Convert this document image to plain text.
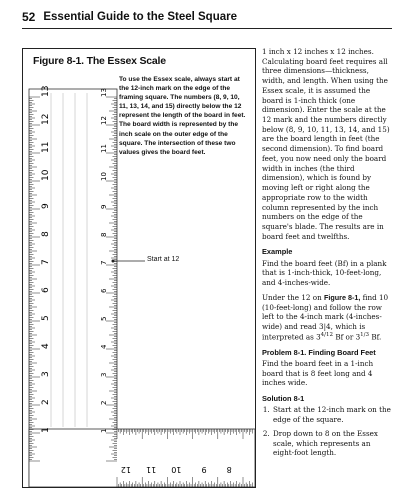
52 Essential Guide to the Steel Square
13	13
12	12
11	11
10	10
9	9
8	8
7	7
6	6
5	5
4	4
3	3
2	2
1	1
12 11 10	9	8
Figure 8-1. The Essex Scale
To use the Essex scale, always start at the 12-inch mark on the edge of the framing square. The numbers (8, 9, 10, 11, 13, 14, and 15) directly below the 12 represent the length of the board in feet. The board width is represented by the inch scale on the outer edge of the square. The intersection of these two values gives the board feet.
Start at 12

1 inch x 12 inches x 12 inches. Calculating board feet requires all three dimensions—thickness, width, and length. When using the Essex scale, it is assumed the board is 1-inch thick (one dimension). Enter the scale at the 12 mark and the numbers directly below (8, 9, 10, 11, 13, 14, and 15) are the board length in feet (the second dimension). To find board feet, you now need only the board width in inches (the third dimension), which is found by moving left or right along the appropriate row to the width column represented by the inch numbers on the edge of the square's blade. The results are in board feet and twelfths.

Example

Find the board feet (Bf) in a plank that is 1-inch-thick, 10-feet-long, and 4-inches-wide.

Under the 12 on Figure 8-1, find 10 (10-feet-long) and follow the row left to the 4-inch mark (4-inches-wide) and read 3|4, which is interpreted as $3^{4/12}$ Bf or $3^{1/3}$ Bf.

Problem 8-1. Finding Board Feet

Find the board feet in a 1-inch board that is 8 feet long and 4 inches wide.

Solution 8-1
1. Start at the 12-inch mark on the edge of the square.
2. Drop down to 8 on the Essex scale, which represents an eight-foot length.
